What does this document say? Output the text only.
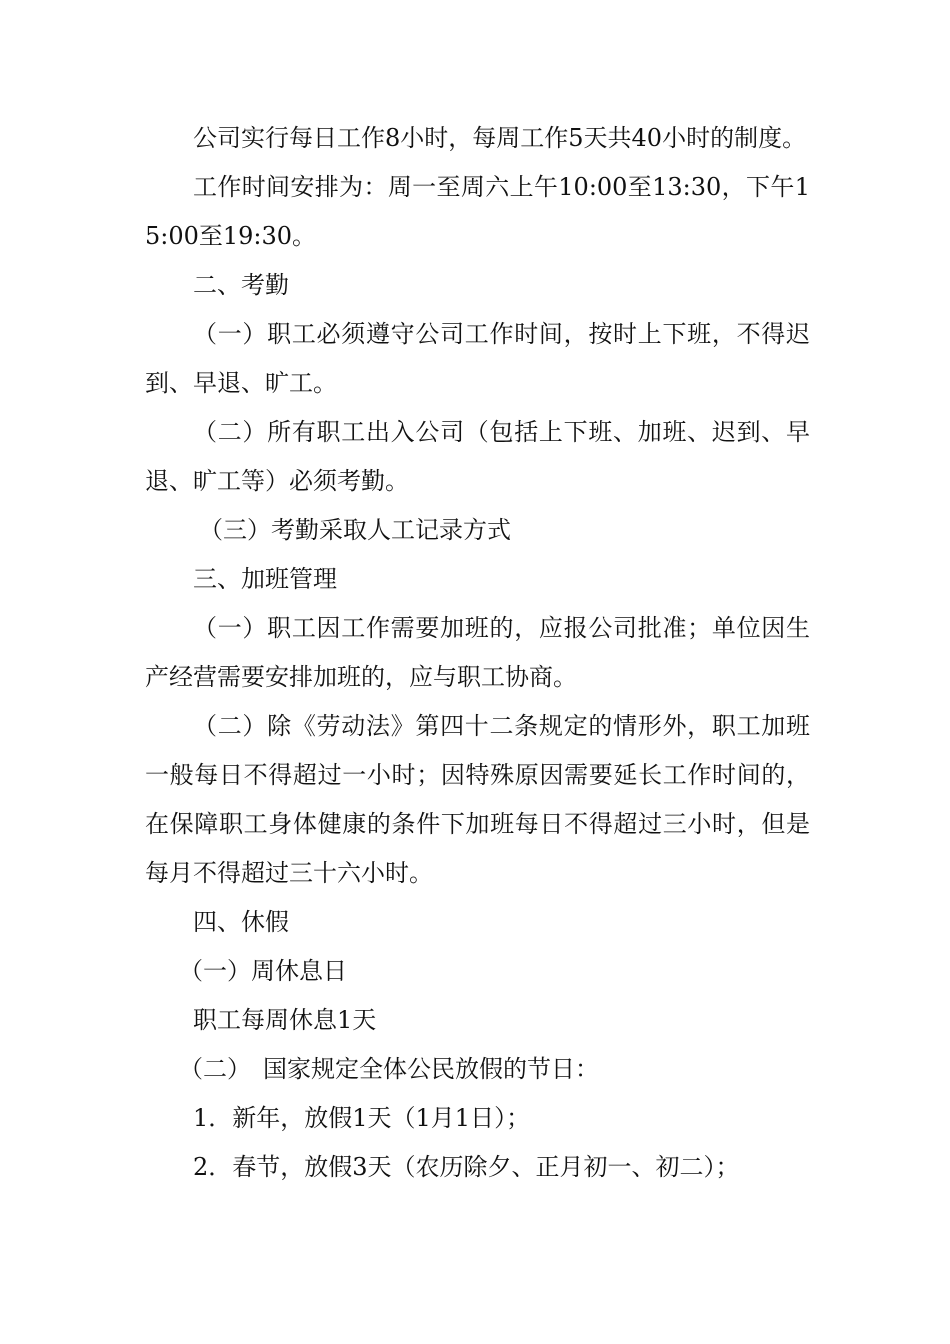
公司实行每日工作8小时，每周工作5天共40小时的制度。

工作时间安排为：周一至周六上午10:00至13:30，下午15:00至19:30。

二、考勤

（一）职工必须遵守公司工作时间，按时上下班，不得迟到、早退、旷工。

（二）所有职工出入公司（包括上下班、加班、迟到、早退、旷工等）必须考勤。

（三）考勤采取人工记录方式

三、加班管理

（一）职工因工作需要加班的，应报公司批准；单位因生产经营需要安排加班的，应与职工协商。

（二）除《劳动法》第四十二条规定的情形外，职工加班一般每日不得超过一小时；因特殊原因需要延长工作时间的，在保障职工身体健康的条件下加班每日不得超过三小时，但是每月不得超过三十六小时。

四、休假

（一）周休息日

职工每周休息1天

（二）　国家规定全体公民放假的节日：

1．新年，放假1天（1月1日）；

2．春节，放假3天（农历除夕、正月初一、初二）；
